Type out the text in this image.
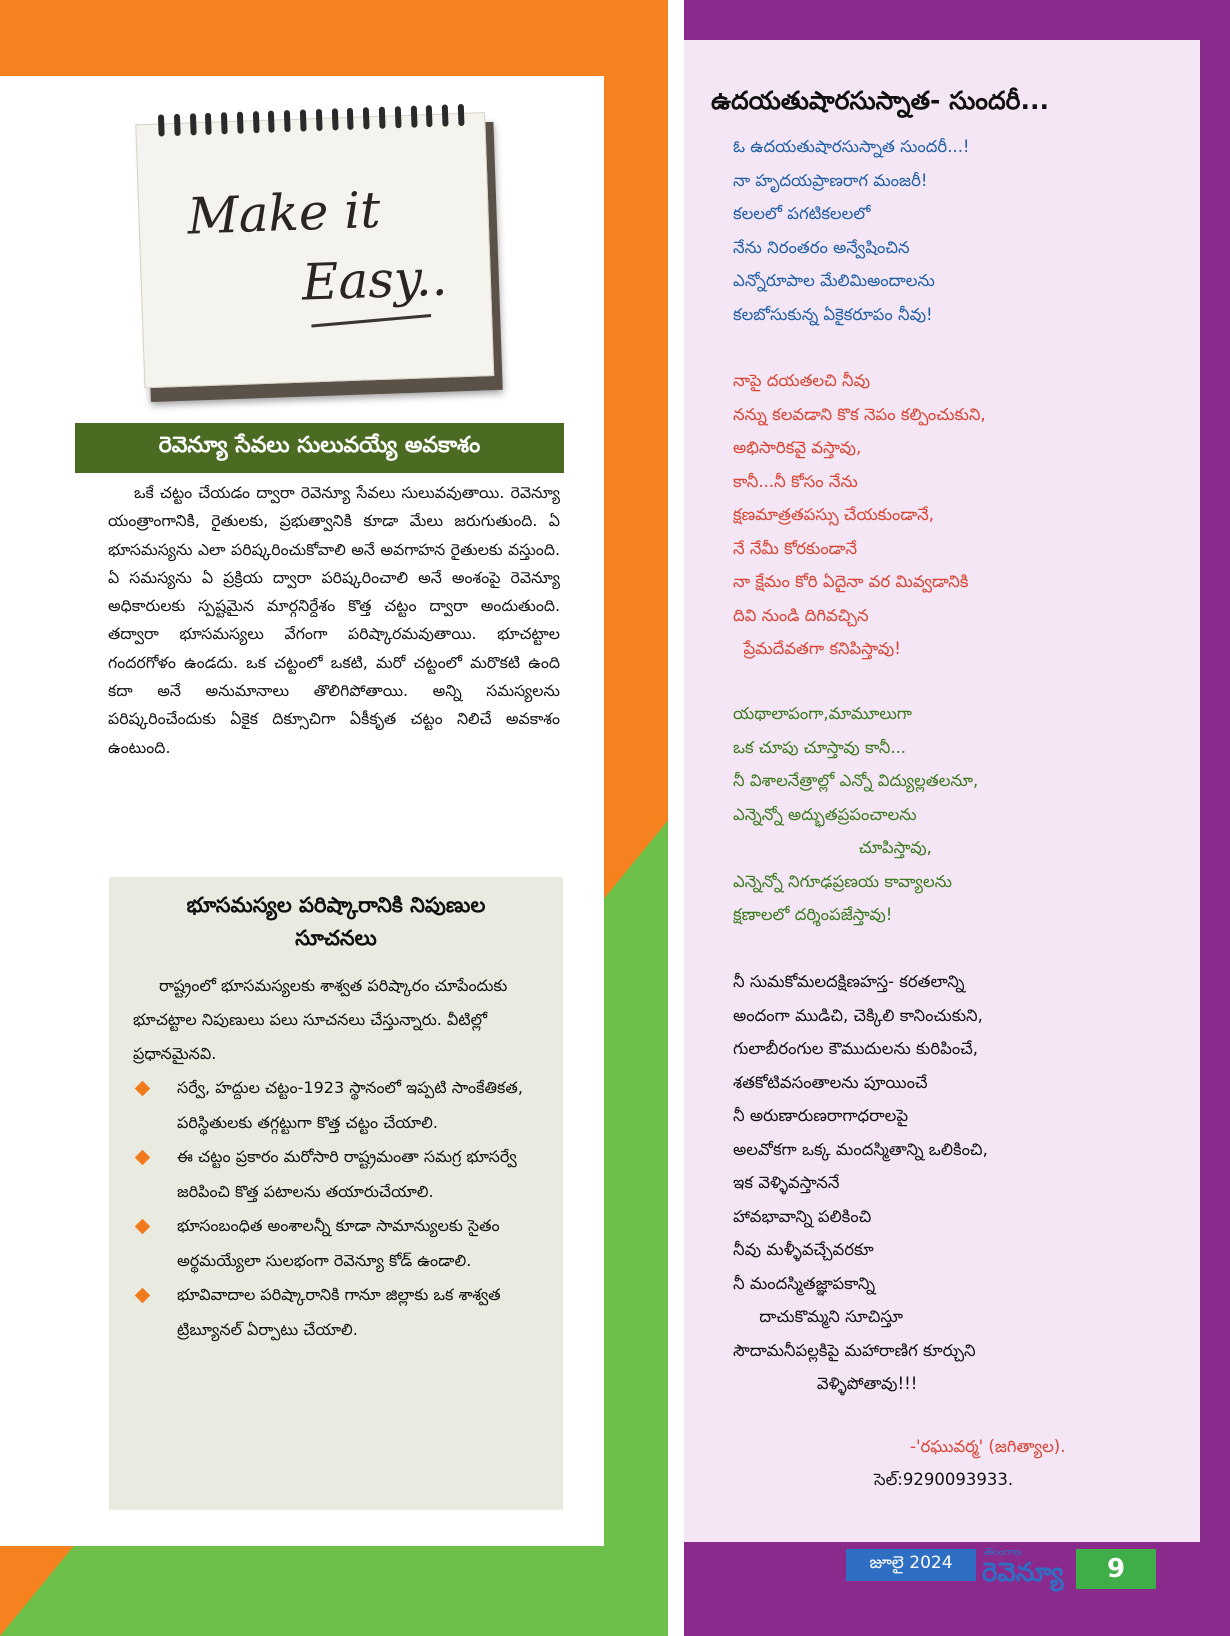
Make it
Easy..
రెవెన్యూ సేవలు సులువయ్యే అవకాశం

ఒకే చట్టం చేయడం ద్వారా రెవెన్యూ సేవలు సులువవుతాయి. రెవెన్యూ యంత్రాంగానికి, రైతులకు, ప్రభుత్వానికి కూడా మేలు జరుగుతుంది. ఏ భూసమస్యను ఎలా పరిష్కరించుకోవాలి అనే అవగాహన రైతులకు వస్తుంది. ఏ సమస్యను ఏ ప్రక్రియ ద్వారా పరిష్కరించాలి అనే అంశంపై రెవెన్యూ అధికారులకు స్పష్టమైన మార్గనిర్దేశం కొత్త చట్టం ద్వారా అందుతుంది. తద్వారా భూసమస్యలు వేగంగా పరిష్కారమవుతాయి. భూచట్టాల గందరగోళం ఉండదు. ఒక చట్టంలో ఒకటి, మరో చట్టంలో మరొకటి ఉంది కదా అనే అనుమానాలు తొలిగిపోతాయి. అన్ని సమస్యలను పరిష్కరించేందుకు ఏకైక దిక్సూచిగా ఏకీకృత చట్టం నిలిచే అవకాశం ఉంటుంది.

భూసమస్యల పరిష్కారానికి నిపుణుల
సూచనలు

రాష్ట్రంలో భూసమస్యలకు శాశ్వత పరిష్కారం చూపేందుకు భూచట్టాల నిపుణులు పలు సూచనలు చేస్తున్నారు. వీటిల్లో ప్రధానమైనవి.

సర్వే, హద్దుల చట్టం-1923 స్థానంలో ఇప్పటి సాంకేతికత, పరిస్థితులకు తగ్గట్టుగా కొత్త చట్టం చేయాలి.
ఈ చట్టం ప్రకారం మరోసారి రాష్ట్రమంతా సమగ్ర భూసర్వే జరిపించి కొత్త పటాలను తయారుచేయాలి.
భూసంబంధిత అంశాలన్నీ కూడా సామాన్యులకు సైతం అర్థమయ్యేలా సులభంగా రెవెన్యూ కోడ్ ఉండాలి.
భూవివాదాల పరిష్కారానికి గానూ జిల్లాకు ఒక శాశ్వత ట్రిబ్యూనల్ ఏర్పాటు చేయాలి.
ఉదయతుషారసుస్నాత- సుందరీ...
ఓ ఉదయతుషారసుస్నాత సుందరీ...!
నా హృదయప్రాణరాగ మంజరీ!
కలలలో పగటికలలలో
నేను నిరంతరం అన్వేషించిన
ఎన్నోరూపాల మేలిమిఅందాలను
కలబోసుకున్న ఏకైకరూపం నీవు!
నాపై దయతలచి నీవు
నన్ను కలవడాని కొక నెపం కల్పించుకుని,
అభిసారికవై వస్తావు,
కానీ...నీ కోసం నేను
క్షణమాత్రతపస్సు చేయకుండానే,
నే నేమీ కోరకుండానే
నా క్షేమం కోరి ఏదైనా వర మివ్వడానికి
దివి నుండి దిగివచ్చిన
ప్రేమదేవతగా కనిపిస్తావు!
యథాలాపంగా,మామూలుగా
ఒక చూపు చూస్తావు కానీ...
నీ విశాలనేత్రాల్లో ఎన్నో విద్యుల్లతలనూ,
ఎన్నెన్నో అద్భుతప్రపంచాలను
చూపిస్తావు,
ఎన్నెన్నో నిగూఢప్రణయ కావ్యాలను
క్షణాలలో దర్శింపజేస్తావు!
నీ సుమకోమలదక్షిణహస్త- కరతలాన్ని
అందంగా ముడిచి, చెక్కిలి కానించుకుని,
గులాబీరంగుల కౌముదులను కురిపించే,
శతకోటివసంతాలను పూయించే
నీ అరుణారుణరాగాధరాలపై
అలవోకగా ఒక్క మందస్మితాన్ని ఒలికించి,
ఇక వెళ్ళివస్తాననే
హావభావాన్ని పలికించి
నీవు మళ్ళీవచ్చేవరకూ
నీ మందస్మితజ్ఞాపకాన్ని
దాచుకొమ్మని సూచిస్తూ
సౌదామనీపల్లకిపై మహారాణిగ కూర్చుని
వెళ్ళిపోతావు!!!

-'రఘువర్మ' (జగిత్యాల).

సెల్:9290093933.

జూలై 2024
తెలంగాణ
రెవెన్యూ	9
